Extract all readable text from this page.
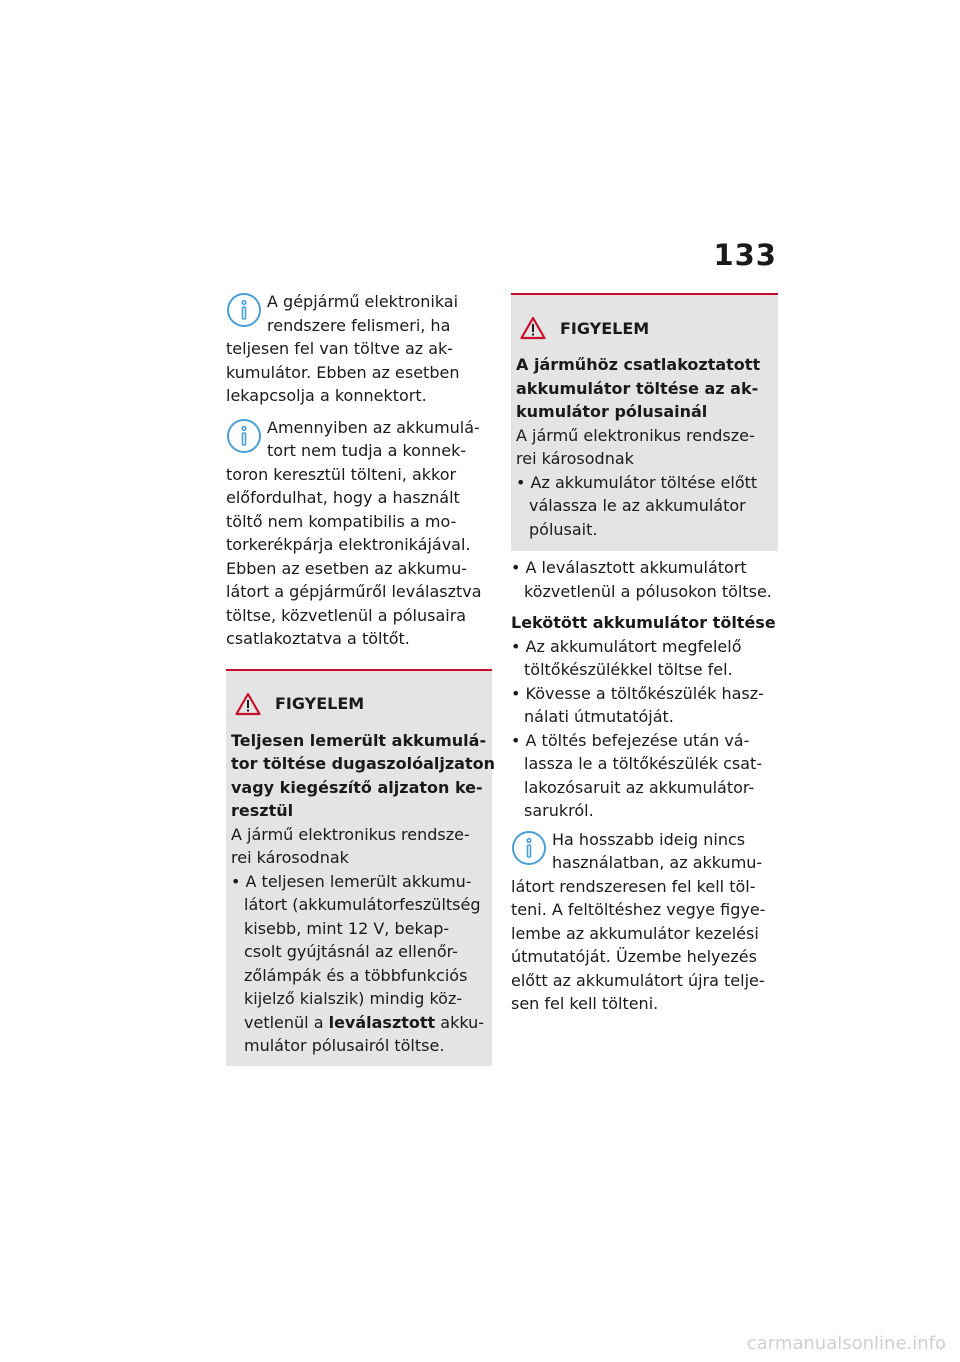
133
A gépjármű elektronikai
rendszere felismeri, ha
teljesen fel van töltve az ak-
kumulátor. Ebben az esetben
lekapcsolja a konnektort.
Amennyiben az akkumulá-
tort nem tudja a konnek-
toron keresztül tölteni, akkor
előfordulhat, hogy a használt
töltő nem kompatibilis a mo-
torkerékpárja elektronikájával.
Ebben az esetben az akkumu-
látort a gépjárműről leválasztva
töltse, közvetlenül a pólusaira
csatlakoztatva a töltőt.
FIGYELEM
Teljesen lemerült akkumulá-
tor töltése dugaszolóaljzaton
vagy kiegészítő aljzaton ke-
resztül
A jármű elektronikus rendsze-
rei károsodnak
• A teljesen lemerült akkumu-
látort (akkumulátorfeszültség
kisebb, mint 12 V, bekap-
csolt gyújtásnál az ellenőr-
zőlámpák és a többfunkciós
kijelző kialszik) mindig köz-
vetlenül a leválasztott akku-
mulátor pólusairól töltse.
FIGYELEM
A járműhöz csatlakoztatott
akkumulátor töltése az ak-
kumulátor pólusainál
A jármű elektronikus rendsze-
rei károsodnak
• Az akkumulátor töltése előtt
válassza le az akkumulátor
pólusait.
• A leválasztott akkumulátort
közvetlenül a pólusokon töltse.
Lekötött akkumulátor töltése
• Az akkumulátort megfelelő
töltőkészülékkel töltse fel.
• Kövesse a töltőkészülék hasz-
nálati útmutatóját.
• A töltés befejezése után vá-
lassza le a töltőkészülék csat-
lakozósaruit az akkumulátor-
sarukról.
Ha hosszabb ideig nincs
használatban, az akkumu-
látort rendszeresen fel kell töl-
teni. A feltöltéshez vegye figye-
lembe az akkumulátor kezelési
útmutatóját. Üzembe helyezés
előtt az akkumulátort újra telje-
sen fel kell tölteni.
carmanualsonline.info
